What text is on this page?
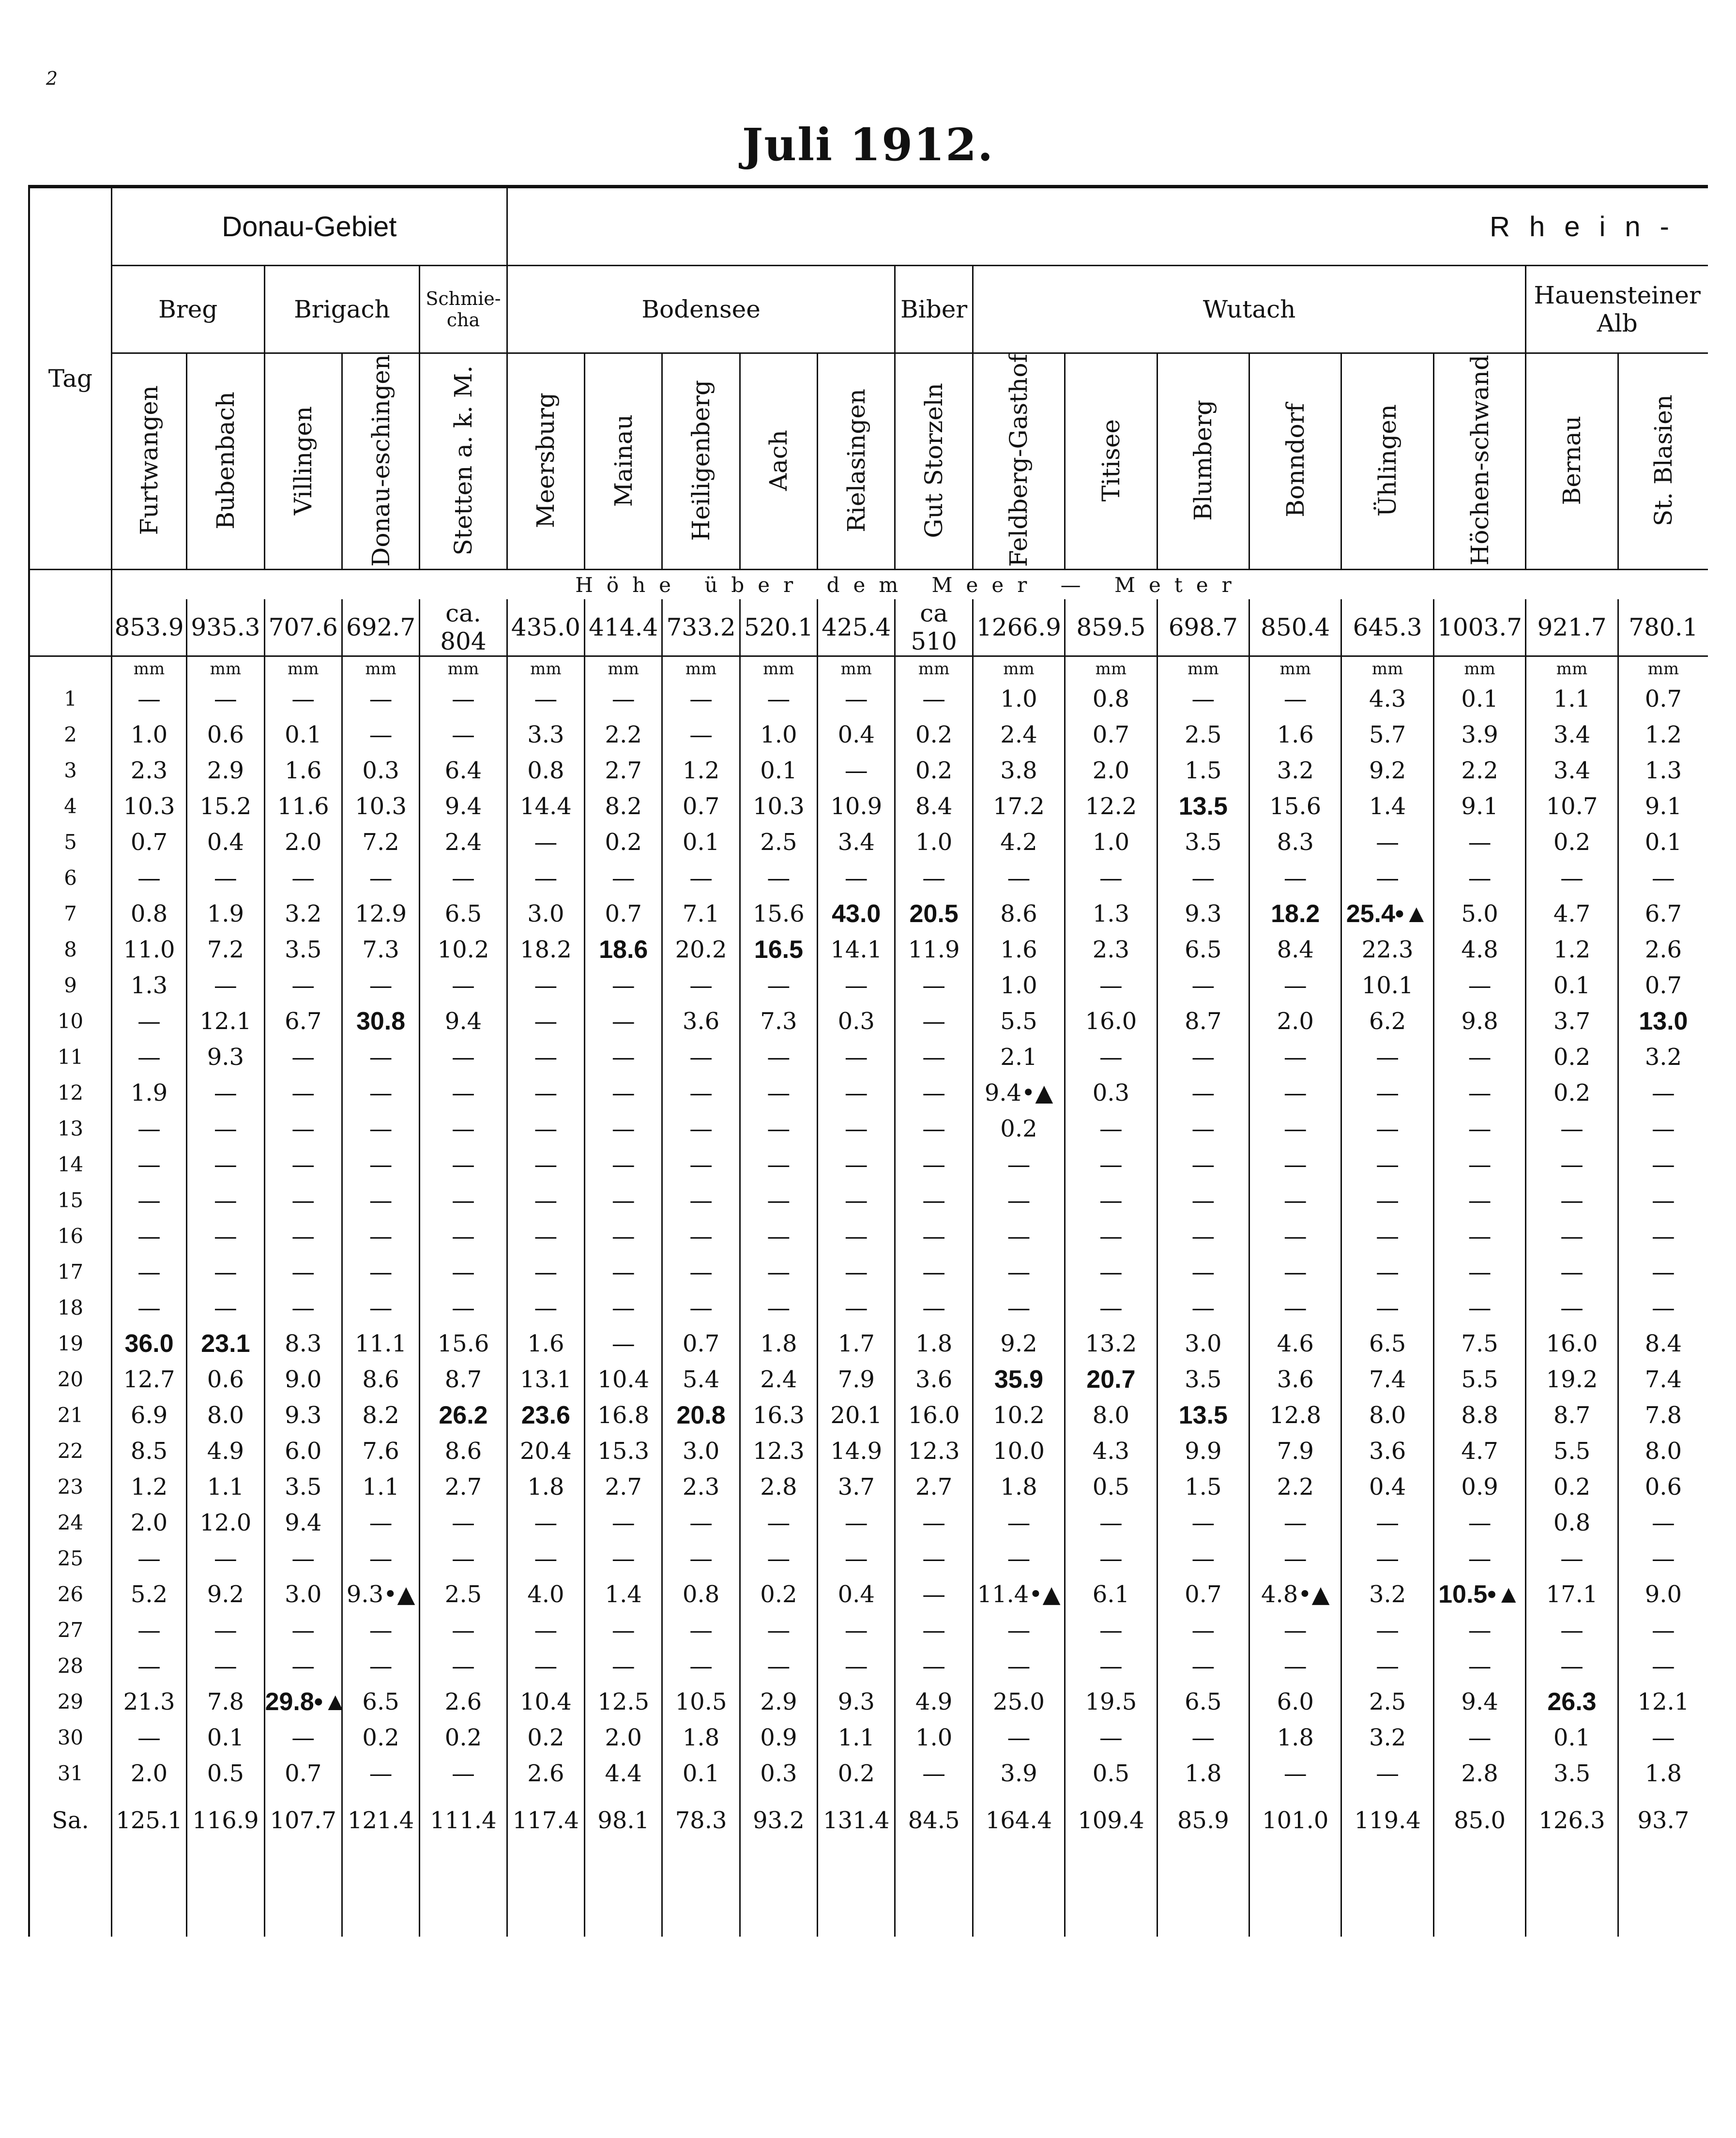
2
Juli 1912.
Tag	Donau-Gebiet					Rhein-													
	Breg		Brigach		Schmie-cha	Bodensee					Biber	Wutach						Hauensteiner Alb	
	Furtwangen	Bubenbach	Villingen	Donau-eschingen	Stetten a. k. M.	Meersburg	Mainau	Heiligenberg	Aach	Rielasingen	Gut Storzeln	Feldberg-Gasthof	Titisee	Blumberg	Bonndorf	Ühlingen	Höchen-schwand	Bernau	St. Blasien
	Höhe über dem Meer — Meter																		
	853.9	935.3	707.6	692.7	ca. 804	435.0	414.4	733.2	520.1	425.4	ca 510	1266.9	859.5	698.7	850.4	645.3	1003.7	921.7	780.1
	mm	mm	mm	mm	mm	mm	mm	mm	mm	mm	mm	mm	mm	mm	mm	mm	mm	mm	mm
1	—	—	—	—	—	—	—	—	—	—	—	1.0	0.8	—	—	4.3	0.1	1.1	0.7
2	1.0	0.6	0.1	—	—	3.3	2.2	—	1.0	0.4	0.2	2.4	0.7	2.5	1.6	5.7	3.9	3.4	1.2
3	2.3	2.9	1.6	0.3	6.4	0.8	2.7	1.2	0.1	—	0.2	3.8	2.0	1.5	3.2	9.2	2.2	3.4	1.3
4	10.3	15.2	11.6	10.3	9.4	14.4	8.2	0.7	10.3	10.9	8.4	17.2	12.2	13.5	15.6	1.4	9.1	10.7	9.1
5	0.7	0.4	2.0	7.2	2.4	—	0.2	0.1	2.5	3.4	1.0	4.2	1.0	3.5	8.3	—	—	0.2	0.1
6	—	—	—	—	—	—	—	—	—	—	—	—	—	—	—	—	—	—	—
7	0.8	1.9	3.2	12.9	6.5	3.0	0.7	7.1	15.6	43.0	20.5	8.6	1.3	9.3	18.2	25.4•▲	5.0	4.7	6.7
8	11.0	7.2	3.5	7.3	10.2	18.2	18.6	20.2	16.5	14.1	11.9	1.6	2.3	6.5	8.4	22.3	4.8	1.2	2.6
9	1.3	—	—	—	—	—	—	—	—	—	—	1.0	—	—	—	10.1	—	0.1	0.7
10	—	12.1	6.7	30.8	9.4	—	—	3.6	7.3	0.3	—	5.5	16.0	8.7	2.0	6.2	9.8	3.7	13.0
11	—	9.3	—	—	—	—	—	—	—	—	—	2.1	—	—	—	—	—	0.2	3.2
12	1.9	—	—	—	—	—	—	—	—	—	—	9.4•▲	0.3	—	—	—	—	0.2	—
13	—	—	—	—	—	—	—	—	—	—	—	0.2	—	—	—	—	—	—	—
14	—	—	—	—	—	—	—	—	—	—	—	—	—	—	—	—	—	—	—
15	—	—	—	—	—	—	—	—	—	—	—	—	—	—	—	—	—	—	—
16	—	—	—	—	—	—	—	—	—	—	—	—	—	—	—	—	—	—	—
17	—	—	—	—	—	—	—	—	—	—	—	—	—	—	—	—	—	—	—
18	—	—	—	—	—	—	—	—	—	—	—	—	—	—	—	—	—	—	—
19	36.0	23.1	8.3	11.1	15.6	1.6	—	0.7	1.8	1.7	1.8	9.2	13.2	3.0	4.6	6.5	7.5	16.0	8.4
20	12.7	0.6	9.0	8.6	8.7	13.1	10.4	5.4	2.4	7.9	3.6	35.9	20.7	3.5	3.6	7.4	5.5	19.2	7.4
21	6.9	8.0	9.3	8.2	26.2	23.6	16.8	20.8	16.3	20.1	16.0	10.2	8.0	13.5	12.8	8.0	8.8	8.7	7.8
22	8.5	4.9	6.0	7.6	8.6	20.4	15.3	3.0	12.3	14.9	12.3	10.0	4.3	9.9	7.9	3.6	4.7	5.5	8.0
23	1.2	1.1	3.5	1.1	2.7	1.8	2.7	2.3	2.8	3.7	2.7	1.8	0.5	1.5	2.2	0.4	0.9	0.2	0.6
24	2.0	12.0	9.4	—	—	—	—	—	—	—	—	—	—	—	—	—	—	0.8	—
25	—	—	—	—	—	—	—	—	—	—	—	—	—	—	—	—	—	—	—
26	5.2	9.2	3.0	9.3•▲	2.5	4.0	1.4	0.8	0.2	0.4	—	11.4•▲	6.1	0.7	4.8•▲	3.2	10.5•▲	17.1	9.0
27	—	—	—	—	—	—	—	—	—	—	—	—	—	—	—	—	—	—	—
28	—	—	—	—	—	—	—	—	—	—	—	—	—	—	—	—	—	—	—
29	21.3	7.8	29.8•▲	6.5	2.6	10.4	12.5	10.5	2.9	9.3	4.9	25.0	19.5	6.5	6.0	2.5	9.4	26.3	12.1
30	—	0.1	—	0.2	0.2	0.2	2.0	1.8	0.9	1.1	1.0	—	—	—	1.8	3.2	—	0.1	—
31	2.0	0.5	0.7	—	—	2.6	4.4	0.1	0.3	0.2	—	3.9	0.5	1.8	—	—	2.8	3.5	1.8
Sa.	125.1	116.9	107.7	121.4	111.4	117.4	98.1	78.3	93.2	131.4	84.5	164.4	109.4	85.9	101.0	119.4	85.0	126.3	93.7
